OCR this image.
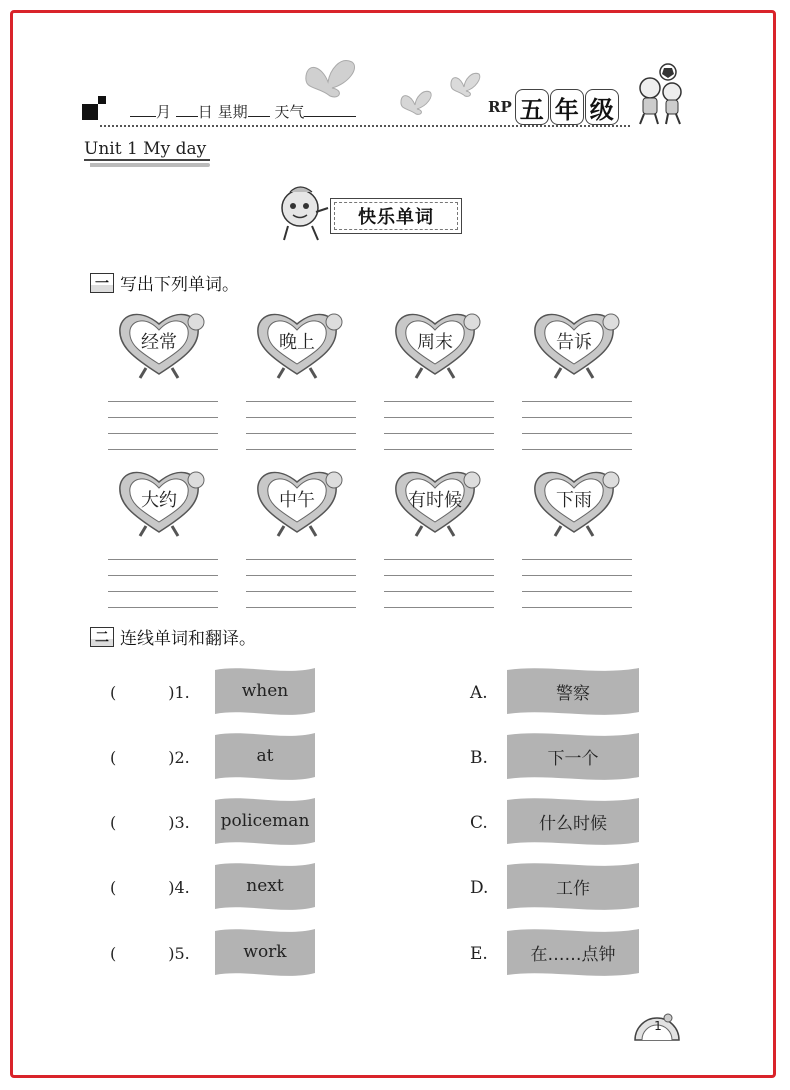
月 日 星期 天气	RP 五 年 级
Unit 1 My day
快乐单词
一 写出下列单词。
经常	晚上	周末	告诉
大约	中午	有时候	下雨
二 连线单词和翻译。
(	)1.	when	A.	警察
(	)2.	at	B.	下一个
(	)3.	policeman	C.	什么时候
(	)4.	next	D.	工作
(	)5.	work	E.	在……点钟
1
